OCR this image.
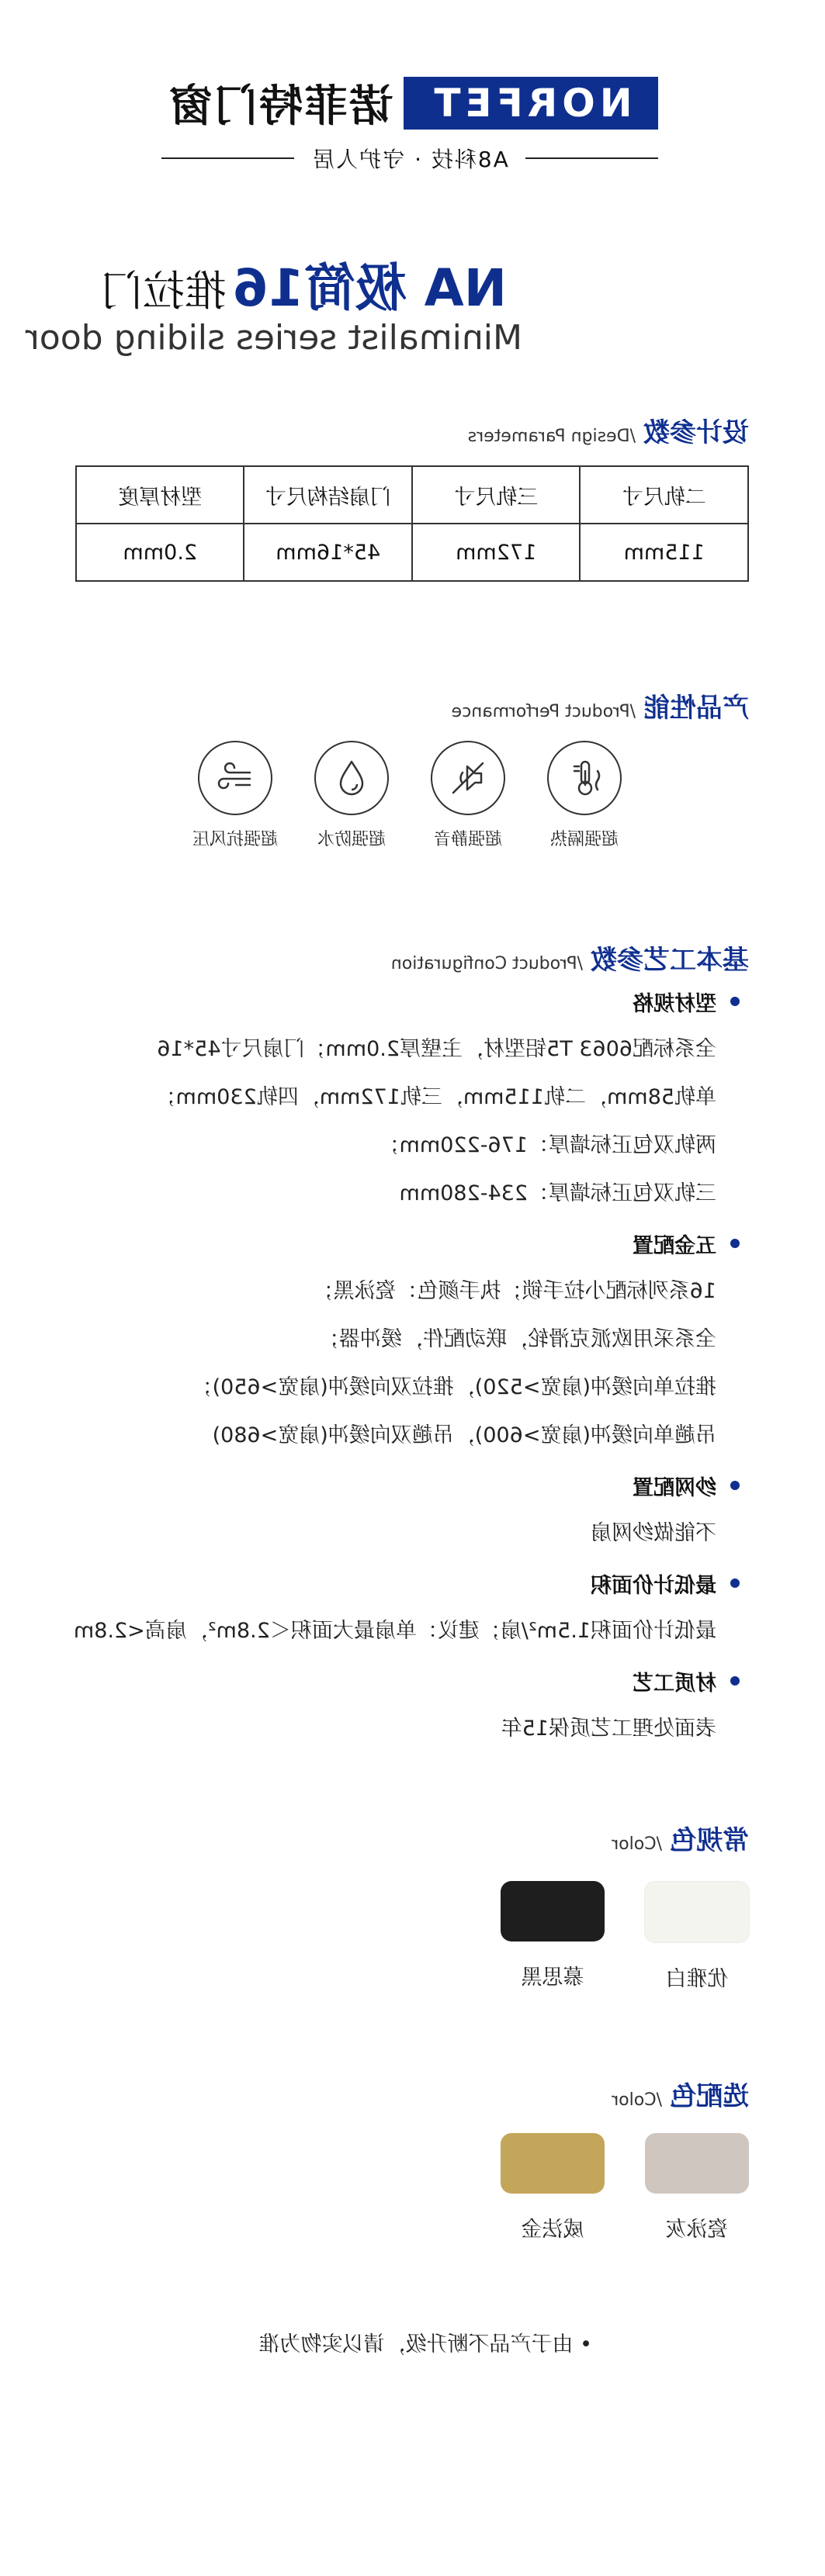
NORFET
诺菲特门窗
A8科技 · 守护人居
NA 极简16推拉门
Minimalist series sliding door
设计参数
/Design Parameters
二轨尺寸	三轨尺寸	门扇结构尺寸	型材厚度
115mm	172mm	45*16mm	2.0mm
产品性能
/Product Performance
超强隔热
超强静音
超强防水
超强抗风压
基本工艺参数
/Product Configuration
型材规格
全系标配6063 T5铝型材，主壁厚2.0mm；门扇尺寸45*16
单轨58mm，二轨115mm，三轨172mm，四轨230mm；
两轨双包正标墙厚：176-220mm；
三轨双包正标墙厚：234-280mm
五金配置
16系列标配小拉手锁；执手颜色：瓷泳黑；
全系采用欧派克滑轮，联动配件，缓冲器；
推拉单向缓冲(扇宽>520)，推拉双向缓冲(扇宽>650)；
吊趟单向缓冲(扇宽>600)，吊趟双向缓冲(扇宽>680)
纱网配置
不能做纱网扇
最低计价面积
最低计价面积1.5m²/扇；建议：单扇最大面积＜2.8m²，扇高<2.8m
材质工艺
表面处理工艺质保15年
常规色
/Color
优雅白
慕思黑
选配色
/Color
瓷泳灰
威法金
• 由于产品不断升级，请以实物为准
